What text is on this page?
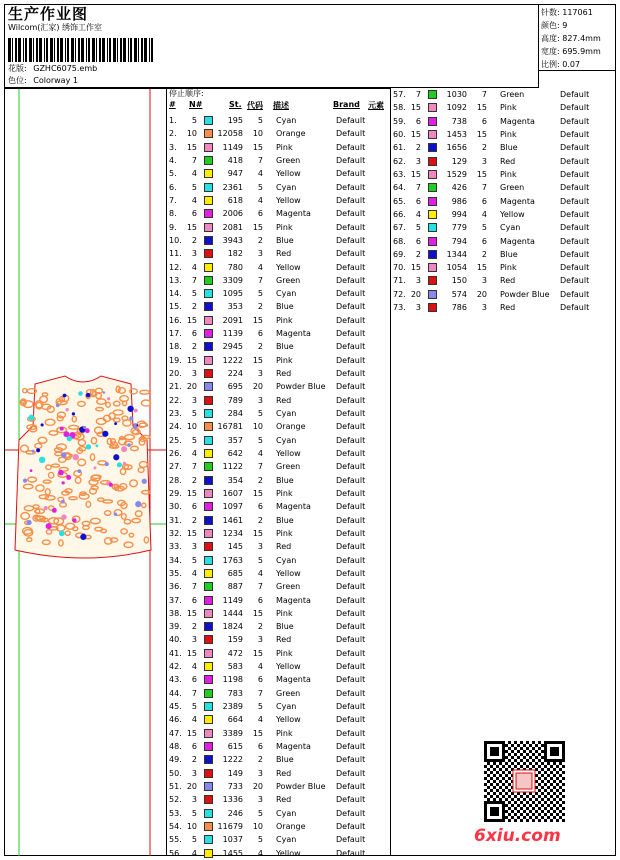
生产作业图
Wilcom(汇家) 绣饰工作室
花版: GZHC6075.emb
色位: Colorway 1
针数: 117061
颜色: 9
高度: 827.4mm
宽度: 695.9mm
比例: 0.07
停止顺序:
# N#	St. 代码 描述	Brand 元素
1.	5	195	5 Cyan	Default
2. 10	12058	10 Orange	Default
3. 15	1149	15 Pink	Default
4.	7	418	7 Green	Default
5.	4	947	4 Yellow	Default
6.	5	2361	5 Cyan	Default
7.	4	618	4 Yellow	Default
8.	6	2006	6 Magenta	Default
9. 15	2081	15 Pink	Default
10.	2	3943	2 Blue	Default
11.	3	182	3 Red	Default
12.	4	780	4 Yellow	Default
13.	7	3309	7 Green	Default
14.	5	1095	5 Cyan	Default
15.	2	353	2 Blue	Default
16. 15	2091	15 Pink	Default
17.	6	1139	6 Magenta	Default
18.	2	2945	2 Blue	Default
19. 15	1222	15 Pink	Default
20.	3	224	3 Red	Default
21. 20	695	20 Powder Blue Default
22.	3	789	3 Red	Default
23.	5	284	5 Cyan	Default
24. 10	16781	10 Orange	Default
25.	5	357	5 Cyan	Default
26.	4	642	4 Yellow	Default
27.	7	1122	7 Green	Default
28.	2	354	2 Blue	Default
29. 15	1607	15 Pink	Default
30.	6	1097	6 Magenta	Default
31.	2	1461	2 Blue	Default
32. 15	1234	15 Pink	Default
33.	3	145	3 Red	Default
34.	5	1763	5 Cyan	Default
35.	4	685	4 Yellow	Default
36.	7	887	7 Green	Default
37.	6	1149	6 Magenta	Default
38. 15	1444	15 Pink	Default
39.	2	1824	2 Blue	Default
40.	3	159	3 Red	Default
41. 15	472	15 Pink	Default
42.	4	583	4 Yellow	Default
43.	6	1198	6 Magenta	Default
44.	7	783	7 Green	Default
45.	5	2389	5 Cyan	Default
46.	4	664	4 Yellow	Default
47. 15	3389	15 Pink	Default
48.	6	615	6 Magenta	Default
49.	2	1222	2 Blue	Default
50.	3	149	3 Red	Default
51. 20	733	20 Powder Blue Default
52.	3	1336	3 Red	Default
53.	5	246	5 Cyan	Default
54. 10	11679	10 Orange	Default
55.	5	1037	5 Cyan	Default
56.	4	1455	4 Yellow	Default
57.	7	1030	7 Green	Default
58. 15	1092	15 Pink	Default
59.	6	738	6 Magenta	Default
60. 15	1453	15 Pink	Default
61.	2	1656	2 Blue	Default
62.	3	129	3 Red	Default
63. 15	1529	15 Pink	Default
64.	7	426	7 Green	Default
65.	6	986	6 Magenta	Default
66.	4	994	4 Yellow	Default
67.	5	779	5 Cyan	Default
68.	6	794	6 Magenta	Default
69.	2	1344	2 Blue	Default
70. 15	1054	15 Pink	Default
71.	3	150	3 Red	Default
72. 20	574	20 Powder Blue Default
73.	3	786	3 Red	Default
6xiu.com
